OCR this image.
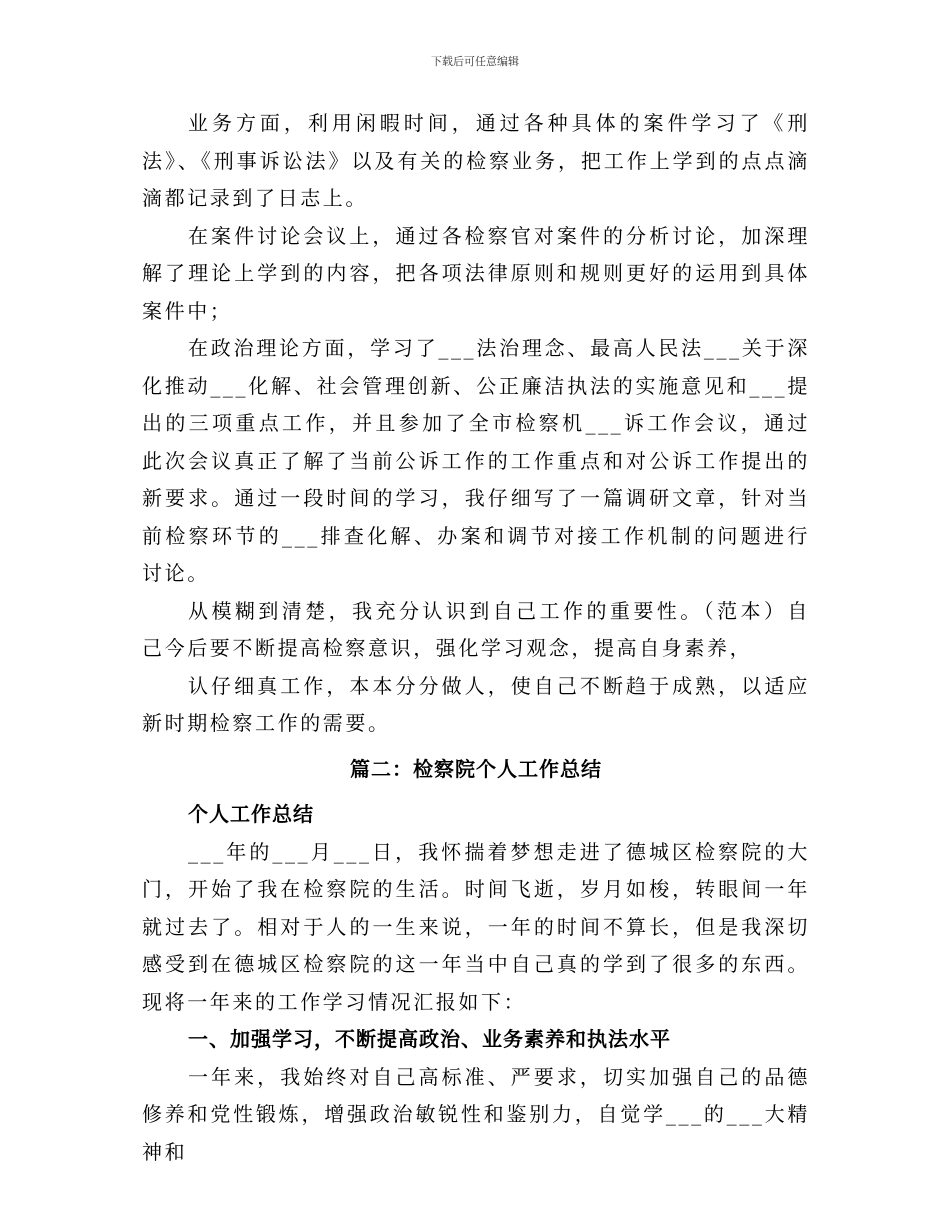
下载后可任意编辑

业务方面，利用闲暇时间，通过各种具体的案件学习了《刑法》、《刑事诉讼法》以及有关的检察业务，把工作上学到的点点滴滴都记录到了日志上。

在案件讨论会议上，通过各检察官对案件的分析讨论，加深理解了理论上学到的内容，把各项法律原则和规则更好的运用到具体案件中；

在政治理论方面，学习了___法治理念、最高人民法___关于深化推动___化解、社会管理创新、公正廉洁执法的实施意见和___提出的三项重点工作，并且参加了全市检察机___诉工作会议，通过此次会议真正了解了当前公诉工作的工作重点和对公诉工作提出的新要求。通过一段时间的学习，我仔细写了一篇调研文章，针对当前检察环节的___排查化解、办案和调节对接工作机制的问题进行讨论。

从模糊到清楚，我充分认识到自己工作的重要性。（范本）自己今后要不断提高检察意识，强化学习观念，提高自身素养，

认仔细真工作，本本分分做人，使自己不断趋于成熟，以适应新时期检察工作的需要。

篇二：检察院个人工作总结

个人工作总结

___年的___月___日，我怀揣着梦想走进了德城区检察院的大门，开始了我在检察院的生活。时间飞逝，岁月如梭，转眼间一年就过去了。相对于人的一生来说，一年的时间不算长，但是我深切感受到在德城区检察院的这一年当中自己真的学到了很多的东西。现将一年来的工作学习情况汇报如下：

一、加强学习，不断提高政治、业务素养和执法水平

一年来，我始终对自己高标准、严要求，切实加强自己的品德修养和党性锻炼，增强政治敏锐性和鉴别力，自觉学___的___大精神和
